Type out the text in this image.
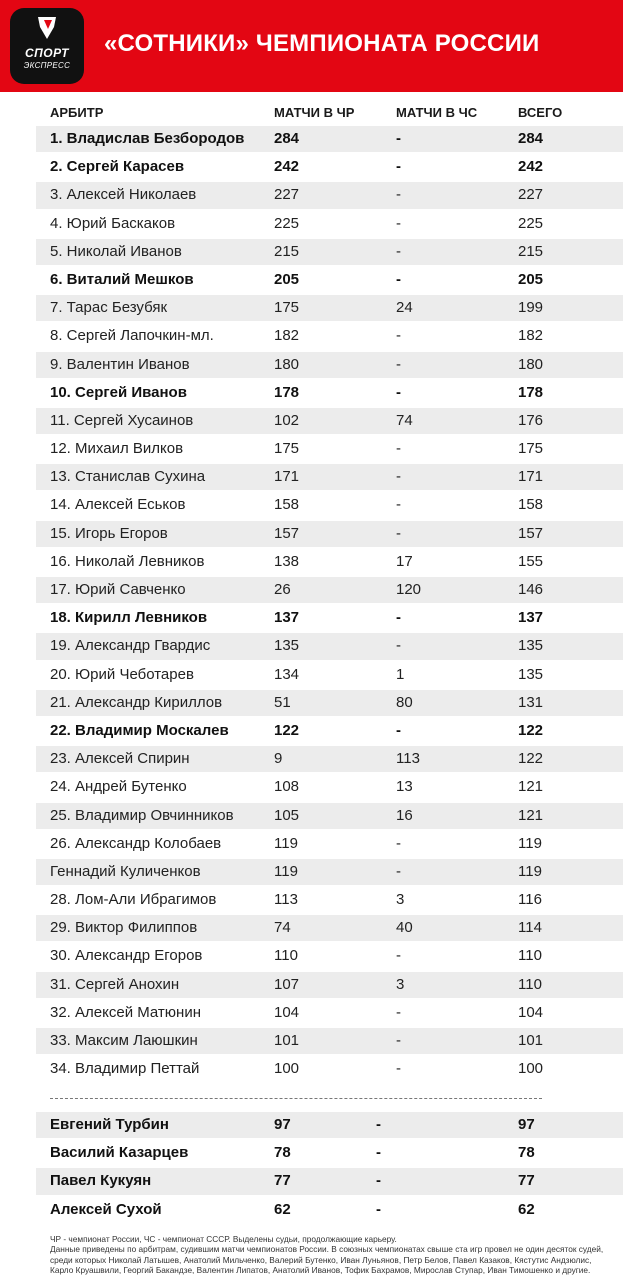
СПОРТ
ЭКСПРЕСС
«СОТНИКИ» ЧЕМПИОНАТА РОССИИ
АРБИТР	МАТЧИ В ЧР	МАТЧИ В ЧС	ВСЕГО
1. Владислав Безбородов 284	-	284
2. Сергей Карасев	242	-	242
3. Алексей Николаев	227	-	227
4. Юрий Баскаков	225	-	225
5. Николай Иванов	215	-	215
6. Виталий Мешков	205	-	205
7. Тарас Безубяк	175	24	199
8. Сергей Лапочкин-мл.	182	-	182
9. Валентин Иванов	180	-	180
10. Сергей Иванов	178	-	178
11. Сергей Хусаинов	102	74	176
12. Михаил Вилков	175	-	175
13. Станислав Сухина	171	-	171
14. Алексей Еськов	158	-	158
15. Игорь Егоров	157	-	157
16. Николай Левников	138	17	155
17. Юрий Савченко	26	120	146
18. Кирилл Левников	137	-	137
19. Александр Гвардис	135	-	135
20. Юрий Чеботарев	134	1	135
21. Александр Кириллов	51	80	131
22. Владимир Москалев	122	-	122
23. Алексей Спирин	9	113	122
24. Андрей Бутенко	108	13	121
25. Владимир Овчинников	105	16	121
26. Александр Колобаев	119	-	119
Геннадий Куличенков	119	-	119
28. Лом-Али Ибрагимов	113	3	116
29. Виктор Филиппов	74	40	114
30. Александр Егоров	110	-	110
31. Сергей Анохин	107	3	110
32. Алексей Матюнин	104	-	104
33. Максим Лаюшкин	101	-	101
34. Владимир Петтай	100	-	100
Евгений Турбин	97	-	97
Василий Казарцев	78	-	78
Павел Кукуян	77	-	77
Алексей Сухой	62	-	62
ЧР - чемпионат России, ЧС - чемпионат СССР. Выделены судьи, продолжающие карьеру.
Данные приведены по арбитрам, судившим матчи чемпионатов России. В союзных чемпионатах свыше ста игр провел не один десяток судей,
среди которых Николай Латышев, Анатолий Мильченко, Валерий Бутенко, Иван Луньянов, Петр Белов, Павел Казаков, Кястутис Андзюлис,
Карло Круашвили, Георгий Бакандзе, Валентин Липатов, Анатолий Иванов, Тофик Бахрамов, Мирослав Ступар, Иван Тимошенко и другие.
